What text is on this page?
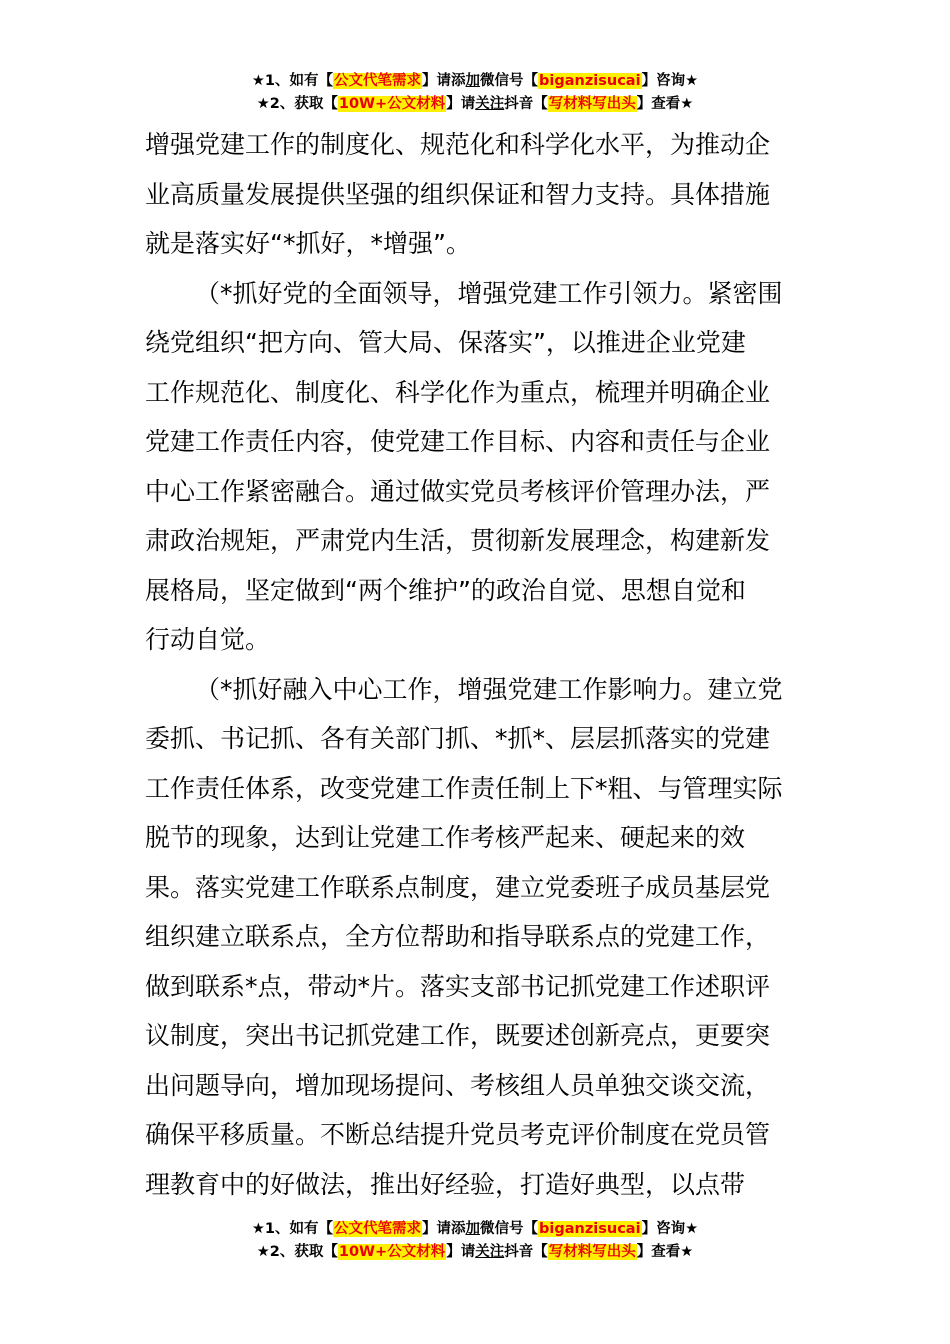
★1、如有【公文代笔需求】请添加微信号【biganzisucai】咨询★
★2、获取【10W+公文材料】请关注抖音【写材料写出头】查看★
增强党建工作的制度化、规范化和科学化水平，为推动企
业高质量发展提供坚强的组织保证和智力支持。具体措施
就是落实好“*抓好，*增强”。
（*抓好党的全面领导，增强党建工作引领力。紧密围
绕党组织“把方向、管大局、保落实”，以推进企业党建
工作规范化、制度化、科学化作为重点，梳理并明确企业
党建工作责任内容，使党建工作目标、内容和责任与企业
中心工作紧密融合。通过做实党员考核评价管理办法，严
肃政治规矩，严肃党内生活，贯彻新发展理念，构建新发
展格局，坚定做到“两个维护”的政治自觉、思想自觉和
行动自觉。
（*抓好融入中心工作，增强党建工作影响力。建立党
委抓、书记抓、各有关部门抓、*抓*、层层抓落实的党建
工作责任体系，改变党建工作责任制上下*粗、与管理实际
脱节的现象，达到让党建工作考核严起来、硬起来的效
果。落实党建工作联系点制度，建立党委班子成员基层党
组织建立联系点，全方位帮助和指导联系点的党建工作，
做到联系*点，带动*片。落实支部书记抓党建工作述职评
议制度，突出书记抓党建工作，既要述创新亮点，更要突
出问题导向，增加现场提问、考核组人员单独交谈交流，
确保平移质量。不断总结提升党员考克评价制度在党员管
理教育中的好做法，推出好经验，打造好典型，以点带
★1、如有【公文代笔需求】请添加微信号【biganzisucai】咨询★
★2、获取【10W+公文材料】请关注抖音【写材料写出头】查看★
